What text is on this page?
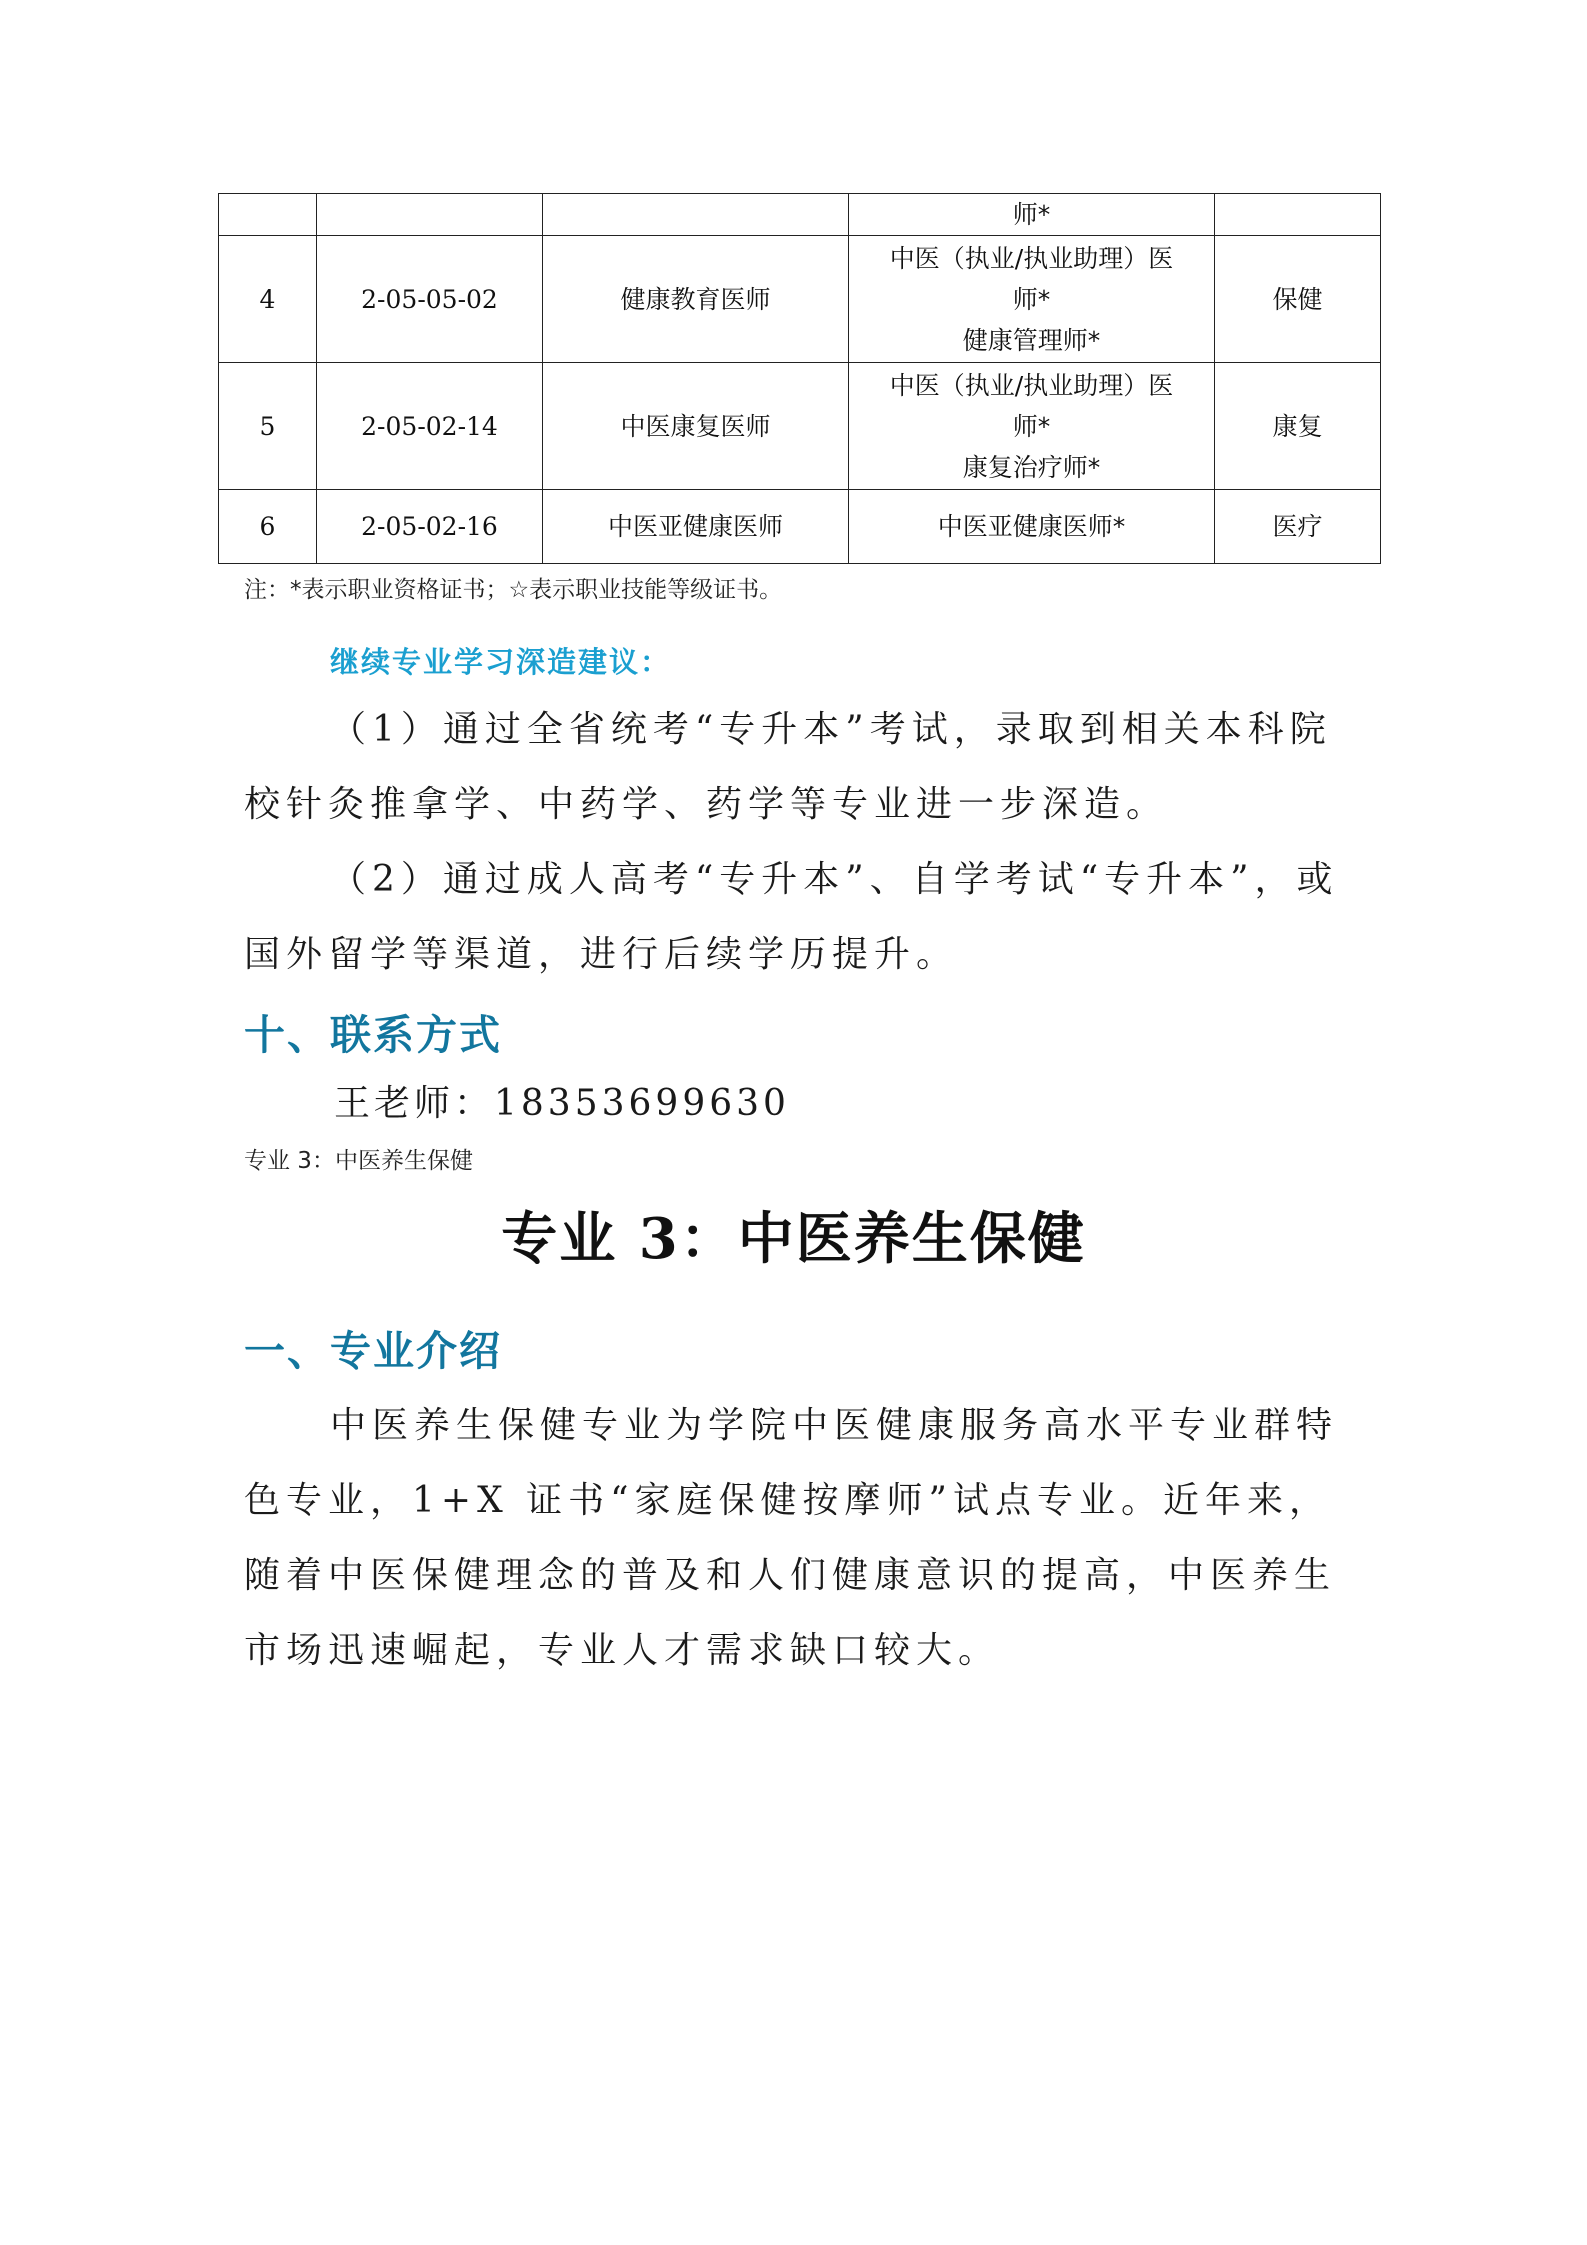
			师*	

4	2-05-05-02	健康教育医师	中医（执业/执业助理）医
师*
健康管理师*	保健
5	2-05-02-14	中医康复医师	中医（执业/执业助理）医
师*
康复治疗师*	康复
6	2-05-02-16	中医亚健康医师	中医亚健康医师*	医疗
注：*表示职业资格证书；☆表示职业技能等级证书。
继续专业学习深造建议：

（1）通过全省统考“专升本”考试，录取到相关本科院校针灸推拿学、中药学、药学等专业进一步深造。

（2）通过成人高考“专升本”、自学考试“专升本”，或国外留学等渠道，进行后续学历提升。

十、联系方式
王老师：18353699630
专业 3：中医养生保健
专业 3：中医养生保健
一、专业介绍

中医养生保健专业为学院中医健康服务高水平专业群特色专业，1+X 证书“家庭保健按摩师”试点专业。近年来，随着中医保健理念的普及和人们健康意识的提高，中医养生市场迅速崛起，专业人才需求缺口较大。
